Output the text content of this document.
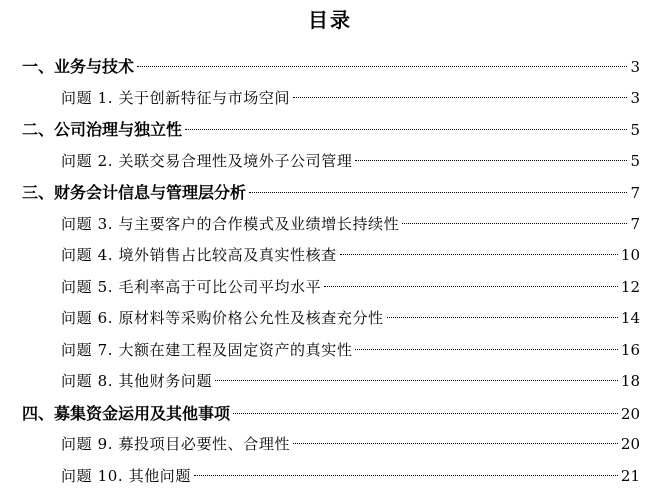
目录
一、业务与技术	3
问题 1. 关于创新特征与市场空间	3
二、公司治理与独立性	5
问题 2. 关联交易合理性及境外子公司管理	5
三、财务会计信息与管理层分析	7
问题 3. 与主要客户的合作模式及业绩增长持续性	7
问题 4. 境外销售占比较高及真实性核查	10
问题 5. 毛利率高于可比公司平均水平	12
问题 6. 原材料等采购价格公允性及核查充分性	14
问题 7. 大额在建工程及固定资产的真实性	16
问题 8. 其他财务问题	18
四、募集资金运用及其他事项	20
问题 9. 募投项目必要性、合理性	20
问题 10. 其他问题	21
